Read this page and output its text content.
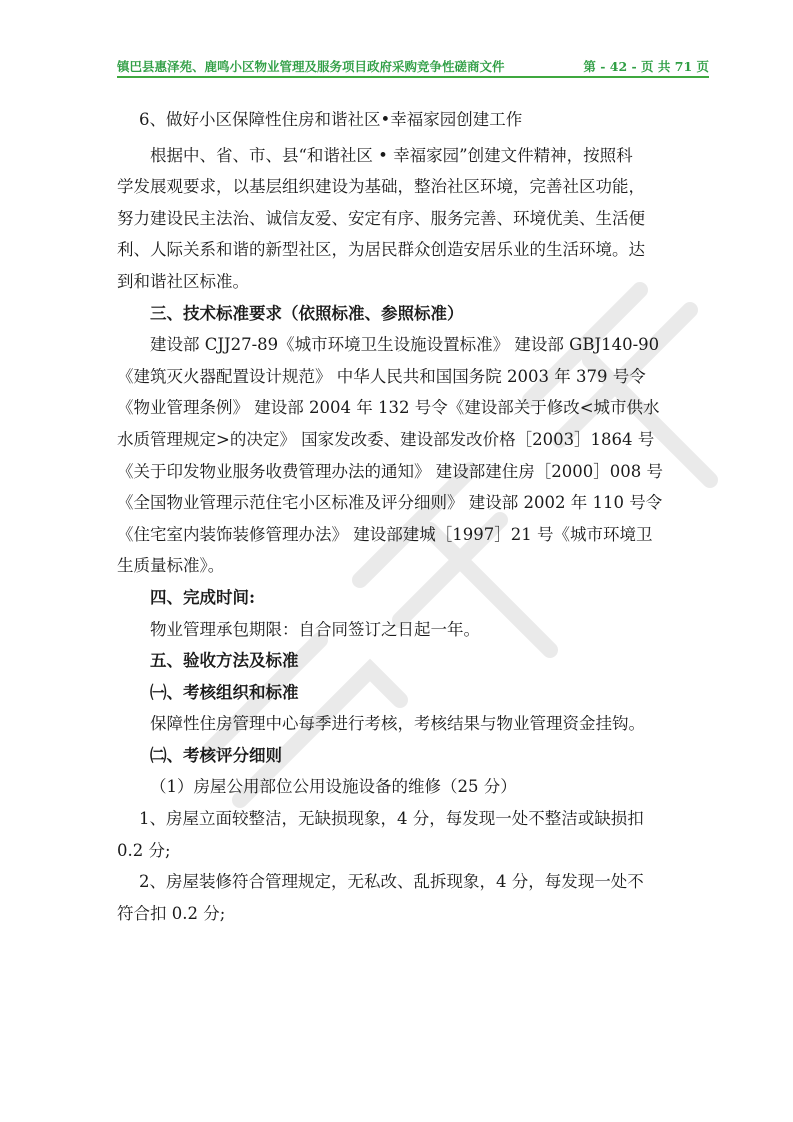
镇巴县惠泽苑、鹿鸣小区物业管理及服务项目政府采购竞争性磋商文件	第 - 42 - 页 共 71 页
6、做好小区保障性住房和谐社区•幸福家园创建工作
根据中、省、市、县“和谐社区 • 幸福家园”创建文件精神，按照科
学发展观要求，以基层组织建设为基础，整治社区环境，完善社区功能，
努力建设民主法治、诚信友爱、安定有序、服务完善、环境优美、生活便
利、人际关系和谐的新型社区，为居民群众创造安居乐业的生活环境。达
到和谐社区标准。
三、技术标准要求（依照标准、参照标准）
建设部 CJJ27-89《城市环境卫生设施设置标准》 建设部 GBJ140-90
《建筑灭火器配置设计规范》 中华人民共和国国务院 2003 年 379 号令
《物业管理条例》 建设部 2004 年 132 号令《建设部关于修改<城市供水
水质管理规定>的决定》 国家发改委、建设部发改价格［2003］1864 号
《关于印发物业服务收费管理办法的通知》 建设部建住房［2000］008 号
《全国物业管理示范住宅小区标准及评分细则》 建设部 2002 年 110 号令
《住宅室内装饰装修管理办法》 建设部建城［1997］21 号《城市环境卫
生质量标准》。
四、完成时间:
物业管理承包期限：自合同签订之日起一年。
五、验收方法及标准
㈠、考核组织和标准
保障性住房管理中心每季进行考核，考核结果与物业管理资金挂钩。
㈡、考核评分细则
（1）房屋公用部位公用设施设备的维修（25 分）
1、房屋立面较整洁，无缺损现象，4 分，每发现一处不整洁或缺损扣
0.2 分;
2、房屋装修符合管理规定，无私改、乱拆现象，4 分，每发现一处不
符合扣 0.2 分;
